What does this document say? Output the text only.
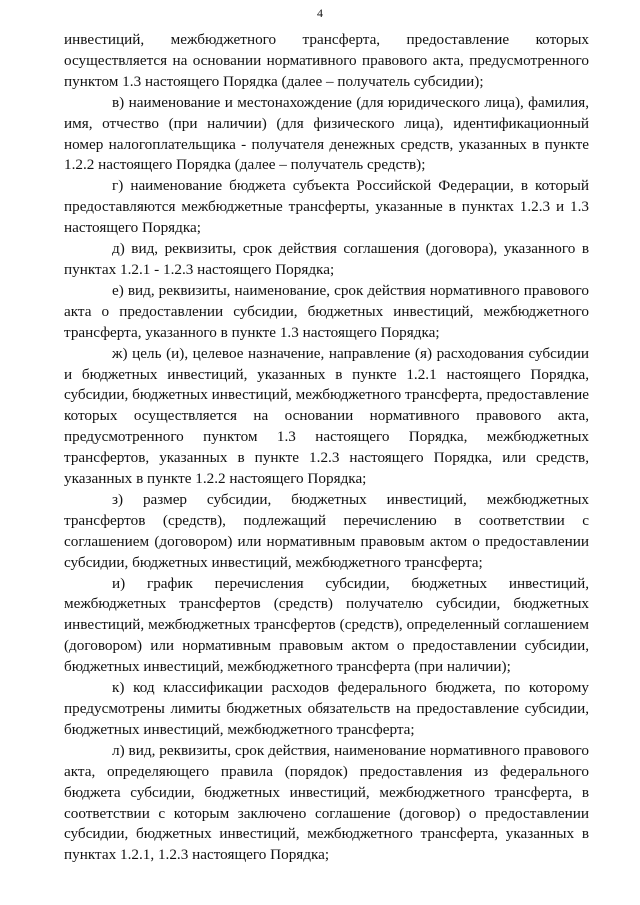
4

инвестиций, межбюджетного трансферта, предоставление которых осуществляется на основании нормативного правового акта, предусмотренного пунктом 1.3 настоящего Порядка (далее – получатель субсидии);

в) наименование и местонахождение (для юридического лица), фамилия, имя, отчество (при наличии) (для физического лица), идентификационный номер налогоплательщика - получателя денежных средств, указанных в пункте 1.2.2 настоящего Порядка (далее – получатель средств);

г) наименование бюджета субъекта Российской Федерации, в который предоставляются межбюджетные трансферты, указанные в пунктах 1.2.3 и 1.3 настоящего Порядка;

д) вид, реквизиты, срок действия соглашения (договора), указанного в пунктах 1.2.1 - 1.2.3 настоящего Порядка;

е) вид, реквизиты, наименование, срок действия нормативного правового акта о предоставлении субсидии, бюджетных инвестиций, межбюджетного трансферта, указанного в пункте 1.3 настоящего Порядка;

ж) цель (и), целевое назначение, направление (я) расходования субсидии и бюджетных инвестиций, указанных в пункте 1.2.1 настоящего Порядка, субсидии, бюджетных инвестиций, межбюджетного трансферта, предоставление которых осуществляется на основании нормативного правового акта, предусмотренного пунктом 1.3 настоящего Порядка, межбюджетных трансфертов, указанных в пункте 1.2.3 настоящего Порядка, или средств, указанных в пункте 1.2.2 настоящего Порядка;

з) размер субсидии, бюджетных инвестиций, межбюджетных трансфертов (средств), подлежащий перечислению в соответствии с соглашением (договором) или нормативным правовым актом о предоставлении субсидии, бюджетных инвестиций, межбюджетного трансферта;

и) график перечисления субсидии, бюджетных инвестиций, межбюджетных трансфертов (средств) получателю субсидии, бюджетных инвестиций, межбюджетных трансфертов (средств), определенный соглашением (договором) или нормативным правовым актом о предоставлении субсидии, бюджетных инвестиций, межбюджетного трансферта (при наличии);

к) код классификации расходов федерального бюджета, по которому предусмотрены лимиты бюджетных обязательств на предоставление субсидии, бюджетных инвестиций, межбюджетного трансферта;

л) вид, реквизиты, срок действия, наименование нормативного правового акта, определяющего правила (порядок) предоставления из федерального бюджета субсидии, бюджетных инвестиций, межбюджетного трансферта, в соответствии с которым заключено соглашение (договор) о предоставлении субсидии, бюджетных инвестиций, межбюджетного трансферта, указанных в пунктах 1.2.1, 1.2.3 настоящего Порядка;
